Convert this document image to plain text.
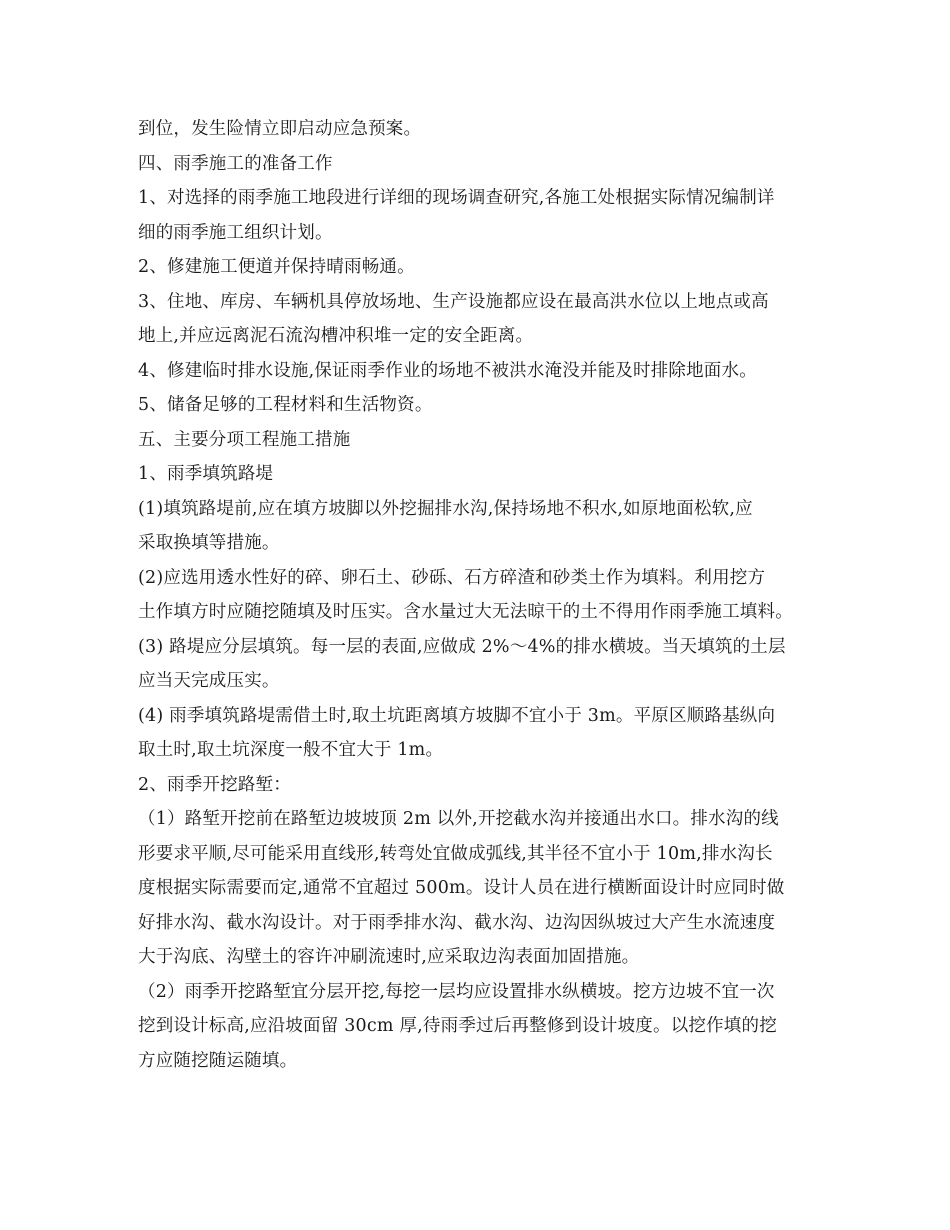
到位，发生险情立即启动应急预案。
四、雨季施工的准备工作
1、对选择的雨季施工地段进行详细的现场调查研究,各施工处根据实际情况编制详
细的雨季施工组织计划。
2、修建施工便道并保持晴雨畅通。
3、住地、库房、车辆机具停放场地、生产设施都应设在最高洪水位以上地点或高
地上,并应远离泥石流沟槽冲积堆一定的安全距离。
4、修建临时排水设施,保证雨季作业的场地不被洪水淹没并能及时排除地面水。
5、储备足够的工程材料和生活物资。
五、主要分项工程施工措施
1、雨季填筑路堤
(1)填筑路堤前,应在填方坡脚以外挖掘排水沟,保持场地不积水,如原地面松软,应
采取换填等措施。
(2)应选用透水性好的碎、卵石土、砂砾、石方碎渣和砂类土作为填料。利用挖方
土作填方时应随挖随填及时压实。含水量过大无法晾干的土不得用作雨季施工填料。
(3) 路堤应分层填筑。每一层的表面,应做成 2%～4%的排水横坡。当天填筑的土层
应当天完成压实。
(4) 雨季填筑路堤需借土时,取土坑距离填方坡脚不宜小于 3m。平原区顺路基纵向
取土时,取土坑深度一般不宜大于 1m。
2、雨季开挖路堑：
（1）路堑开挖前在路堑边坡坡顶 2m 以外,开挖截水沟并接通出水口。排水沟的线
形要求平顺,尽可能采用直线形,转弯处宜做成弧线,其半径不宜小于 10m,排水沟长
度根据实际需要而定,通常不宜超过 500m。设计人员在进行横断面设计时应同时做
好排水沟、截水沟设计。对于雨季排水沟、截水沟、边沟因纵坡过大产生水流速度
大于沟底、沟壁土的容许冲刷流速时,应采取边沟表面加固措施。
（2）雨季开挖路堑宜分层开挖,每挖一层均应设置排水纵横坡。挖方边坡不宜一次
挖到设计标高,应沿坡面留 30cm 厚,待雨季过后再整修到设计坡度。以挖作填的挖
方应随挖随运随填。
